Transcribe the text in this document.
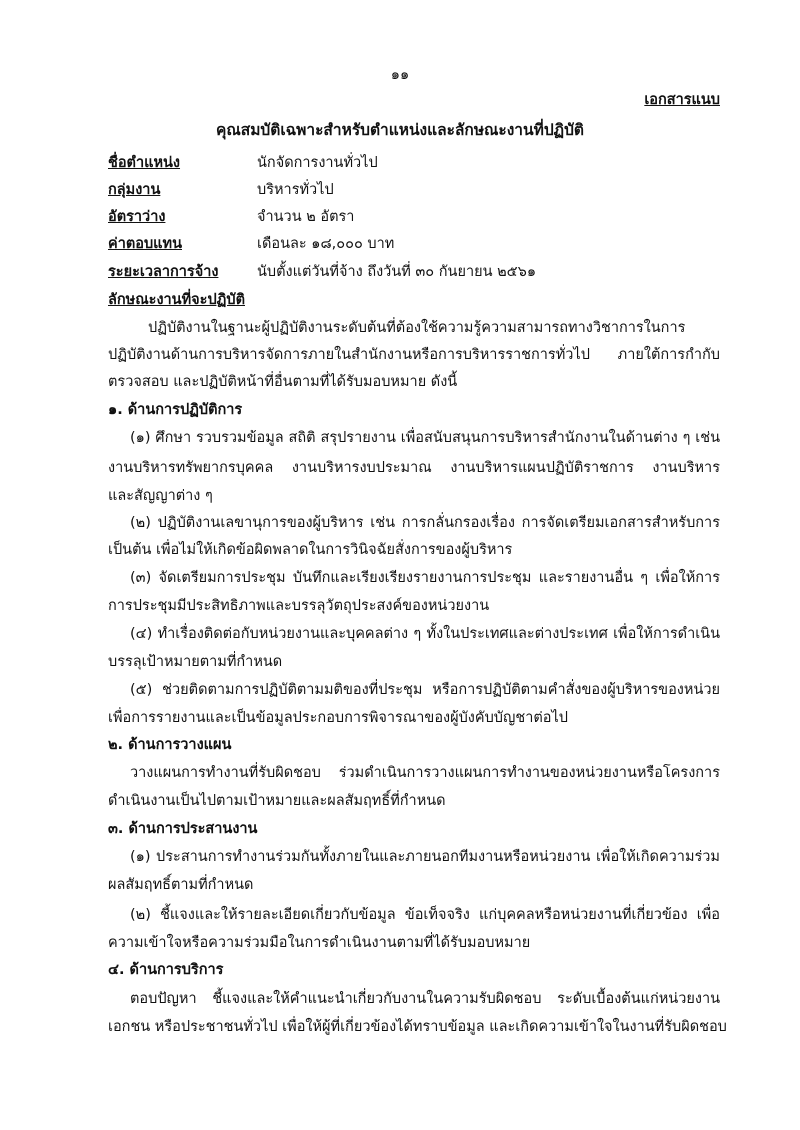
๑๑
เอกสารแนบ
คุณสมบัติเฉพาะสำหรับตำแหน่งและลักษณะงานที่ปฏิบัติ
ชื่อตำแหน่ง	นักจัดการงานทั่วไป
กลุ่มงาน	บริหารทั่วไป
อัตราว่าง	จำนวน ๒ อัตรา
ค่าตอบแทน	เดือนละ ๑๘,๐๐๐ บาท
ระยะเวลาการจ้าง	นับตั้งแต่วันที่จ้าง ถึงวันที่ ๓๐ กันยายน ๒๕๖๑
ลักษณะงานที่จะปฏิบัติ
ปฏิบัติงานในฐานะผู้ปฏิบัติงานระดับต้นที่ต้องใช้ความรู้ความสามารถทางวิชาการในการ
ปฏิบัติงานด้านการบริหารจัดการภายในสำนักงานหรือการบริหารราชการทั่วไป ภายใต้การกำกับ
ตรวจสอบ และปฏิบัติหน้าที่อื่นตามที่ได้รับมอบหมาย ดังนี้
๑. ด้านการปฏิบัติการ
(๑) ศึกษา รวบรวมข้อมูล สถิติ สรุปรายงาน เพื่อสนับสนุนการบริหารสำนักงานในด้านต่าง ๆ เช่น
งานบริหารทรัพยากรบุคคล งานบริหารงบประมาณ งานบริหารแผนปฏิบัติราชการ งานบริหาร
และสัญญาต่าง ๆ
(๒) ปฏิบัติงานเลขานุการของผู้บริหาร เช่น การกลั่นกรองเรื่อง การจัดเตรียมเอกสารสำหรับการ
เป็นต้น เพื่อไม่ให้เกิดข้อผิดพลาดในการวินิจฉัยสั่งการของผู้บริหาร
(๓) จัดเตรียมการประชุม บันทึกและเรียงเรียงรายงานการประชุม และรายงานอื่น ๆ เพื่อให้การ
การประชุมมีประสิทธิภาพและบรรลุวัตถุประสงค์ของหน่วยงาน
(๔) ทำเรื่องติดต่อกับหน่วยงานและบุคคลต่าง ๆ ทั้งในประเทศและต่างประเทศ เพื่อให้การดำเนิน
บรรลุเป้าหมายตามที่กำหนด
(๕) ช่วยติดตามการปฏิบัติตามมติของที่ประชุม หรือการปฏิบัติตามคำสั่งของผู้บริหารของหน่วย
เพื่อการรายงานและเป็นข้อมูลประกอบการพิจารณาของผู้บังคับบัญชาต่อไป
๒. ด้านการวางแผน
วางแผนการทำงานที่รับผิดชอบ ร่วมดำเนินการวางแผนการทำงานของหน่วยงานหรือโครงการ
ดำเนินงานเป็นไปตามเป้าหมายและผลสัมฤทธิ์ที่กำหนด
๓. ด้านการประสานงาน
(๑) ประสานการทำงานร่วมกันทั้งภายในและภายนอกทีมงานหรือหน่วยงาน เพื่อให้เกิดความร่วม
ผลสัมฤทธิ์ตามที่กำหนด
(๒) ชี้แจงและให้รายละเอียดเกี่ยวกับข้อมูล ข้อเท็จจริง แก่บุคคลหรือหน่วยงานที่เกี่ยวข้อง เพื่อ
ความเข้าใจหรือความร่วมมือในการดำเนินงานตามที่ได้รับมอบหมาย
๔. ด้านการบริการ
ตอบปัญหา ชี้แจงและให้คำแนะนำเกี่ยวกับงานในความรับผิดชอบ ระดับเบื้องต้นแก่หน่วยงาน
เอกชน หรือประชาชนทั่วไป เพื่อให้ผู้ที่เกี่ยวข้องได้ทราบข้อมูล และเกิดความเข้าใจในงานที่รับผิดชอบ
